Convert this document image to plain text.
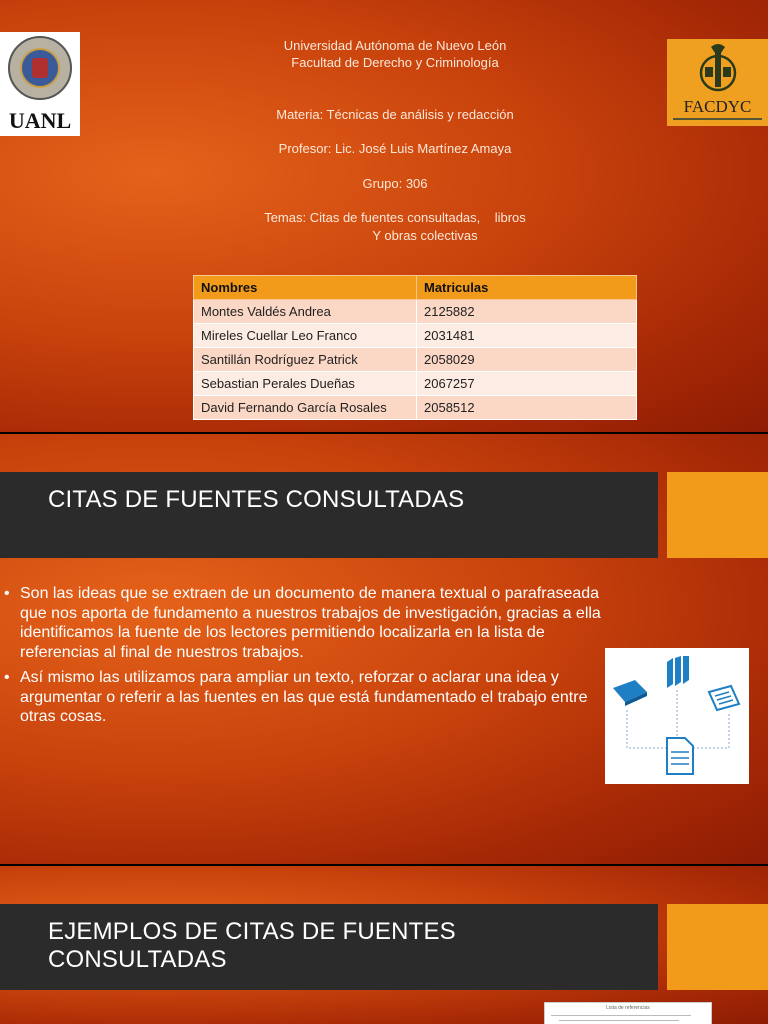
UANL
Universidad Autónoma de Nuevo León
Facultad de Derecho y Criminología
Materia: Técnicas de análisis y redacción
Profesor: Lic. José Luis Martínez Amaya
Grupo: 306
Temas: Citas de fuentes consultadas,    libros
Y obras colectivas
FACDYC
Nombres	Matriculas
Montes Valdés Andrea	2125882
Mireles Cuellar Leo Franco	2031481
Santillán Rodríguez Patrick	2058029
Sebastian Perales Dueñas	2067257
David Fernando García Rosales	2058512
CITAS DE FUENTES CONSULTADAS
• Son las ideas que se extraen de un documento de manera textual o parafraseada que nos aporta de fundamento a nuestros trabajos de investigación, gracias a ella identificamos la fuente de los lectores permitiendo localizarla en la lista de referencias al final de nuestros trabajos.
• Así mismo las utilizamos para ampliar un texto, reforzar o aclarar una idea y argumentar o referir a las fuentes en las que está fundamentado el trabajo entre otras cosas.
EJEMPLOS DE CITAS DE FUENTES
CONSULTADAS
Lista de referencias
